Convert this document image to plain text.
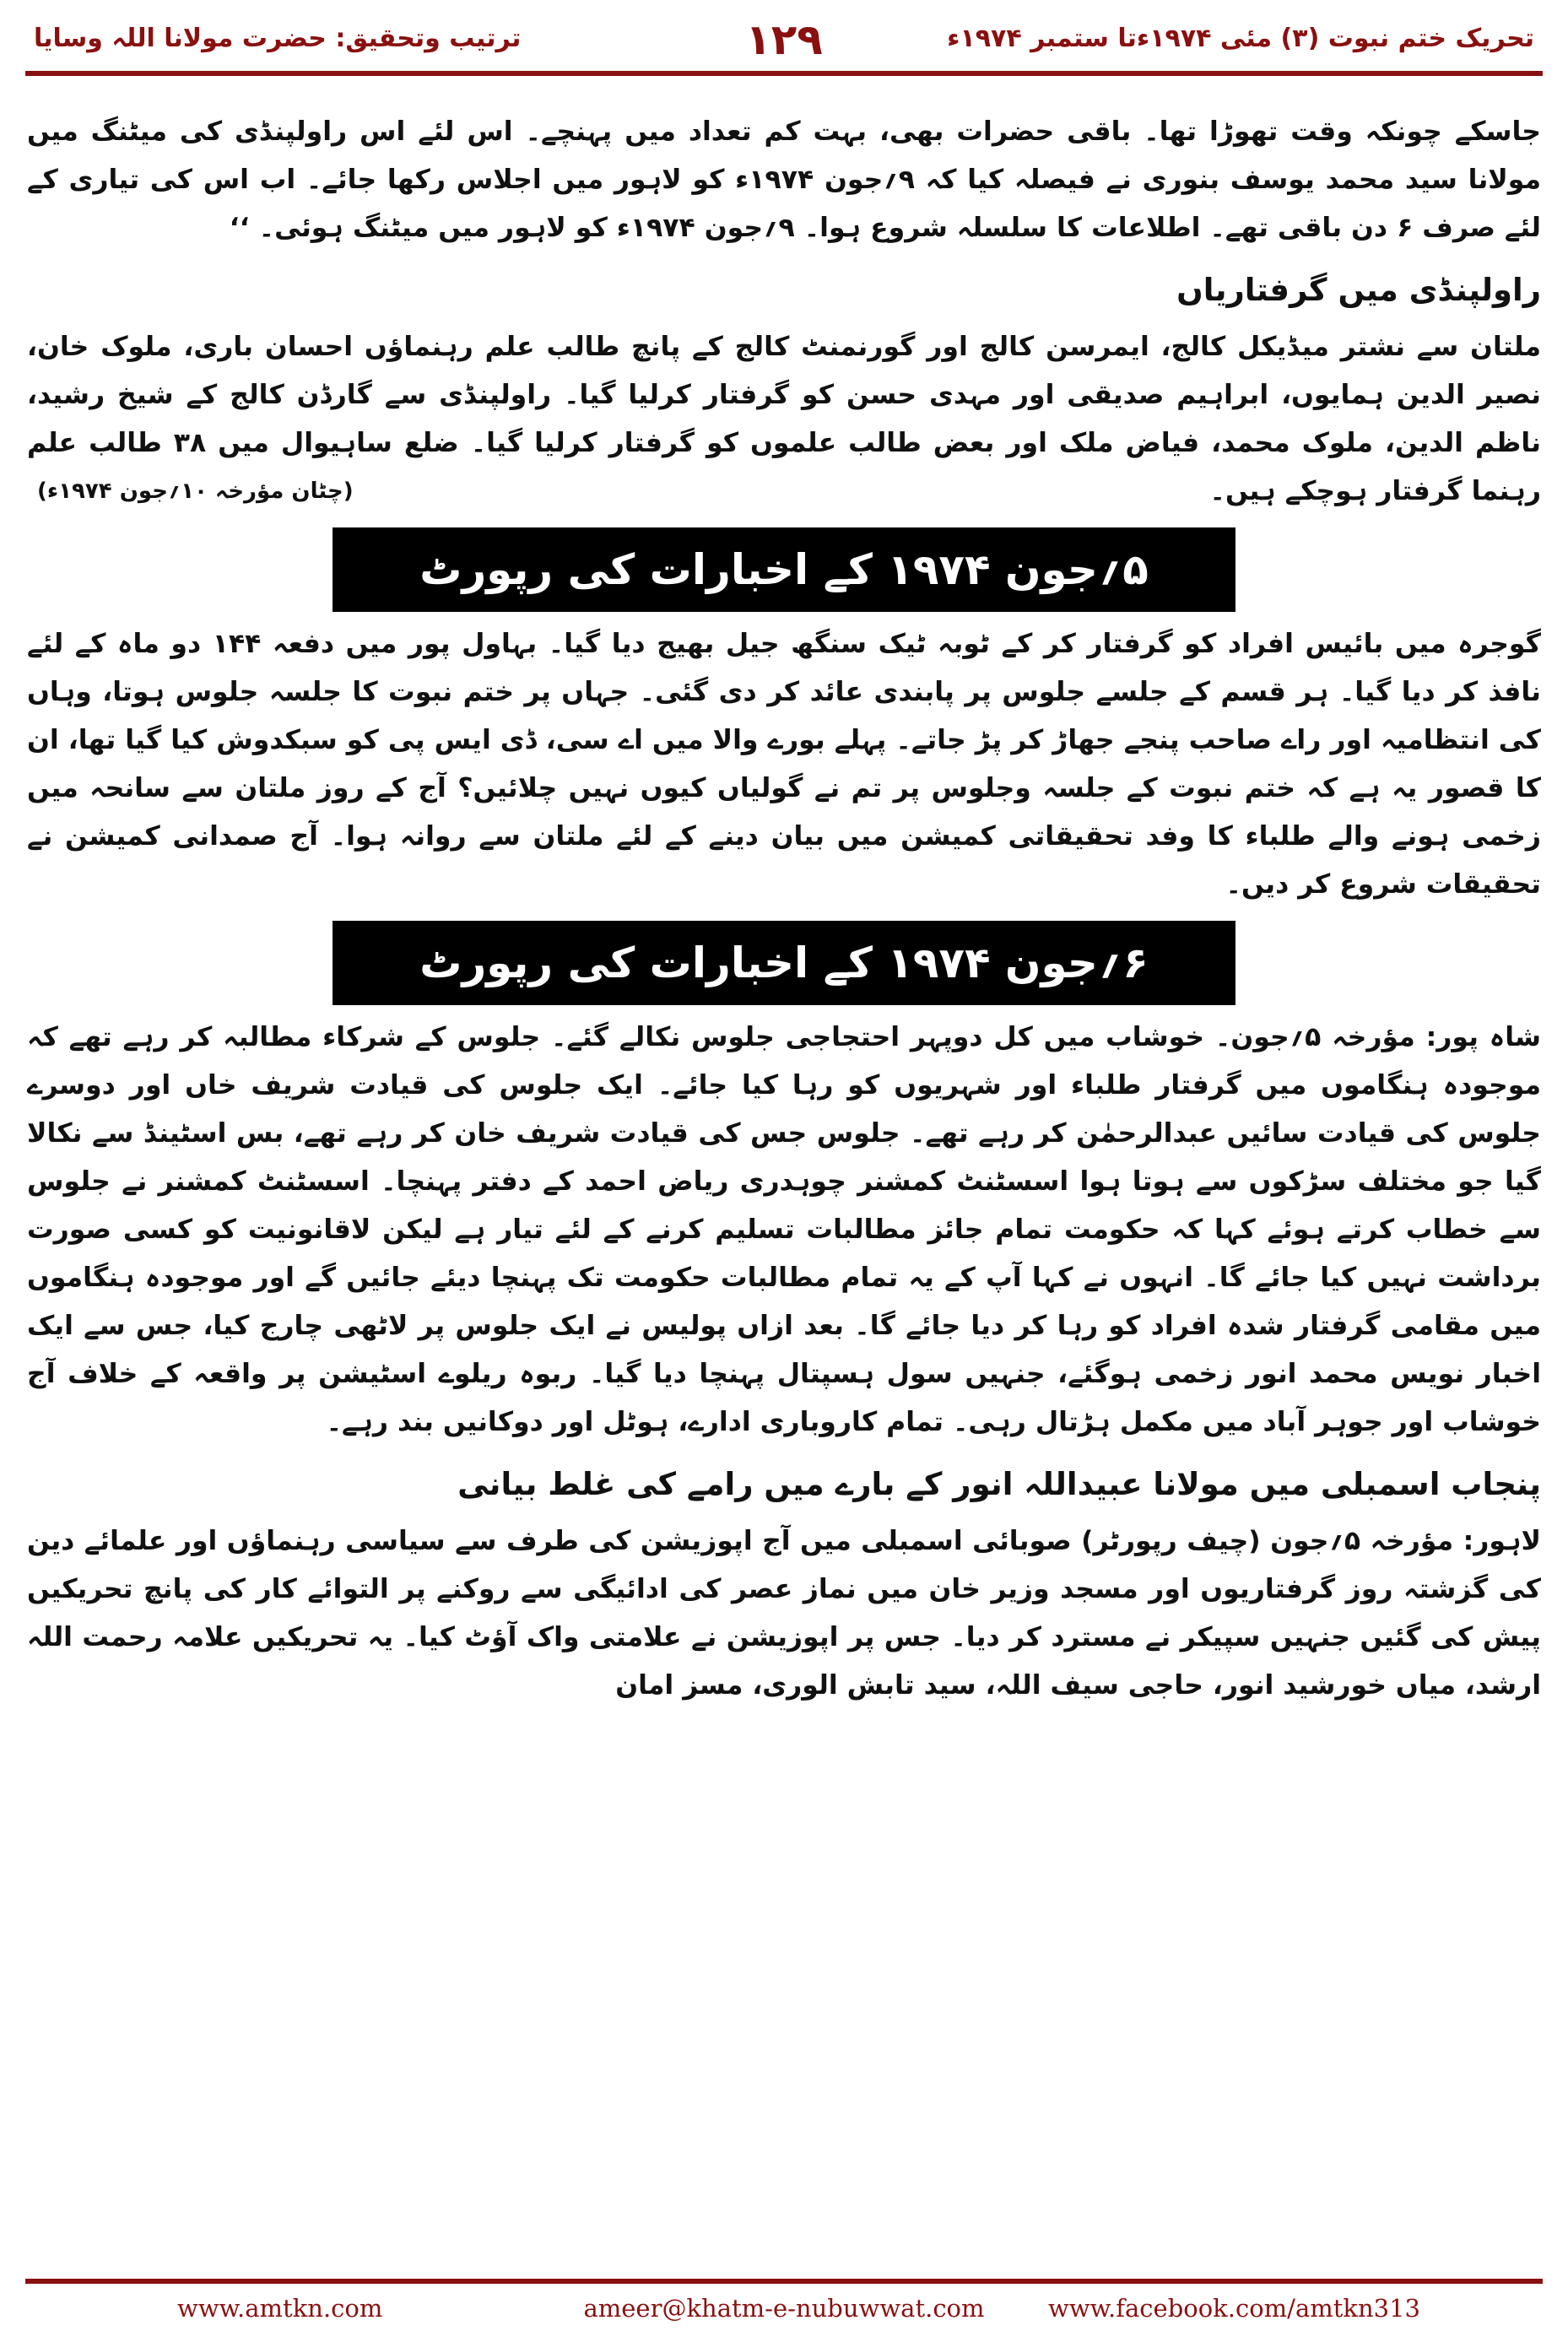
تحریک ختم نبوت (۳) مئی ۱۹۷۴ءتا ستمبر ۱۹۷۴ء
۱۲۹
ترتیب وتحقیق: حضرت مولانا اللہ وسایا

جاسکے چونکہ وقت تھوڑا تھا۔ باقی حضرات بھی، بہت کم تعداد میں پہنچے۔ اس لئے اس راولپنڈی کی میٹنگ میں مولانا سید محمد یوسف بنوری نے فیصلہ کیا کہ ۹؍جون ۱۹۷۴ء کو لاہور میں اجلاس رکھا جائے۔ اب اس کی تیاری کے لئے صرف ۶ دن باقی تھے۔ اطلاعات کا سلسلہ شروع ہوا۔ ۹؍جون ۱۹۷۴ء کو لاہور میں میٹنگ ہوئی۔ ‘‘

راولپنڈی میں گرفتاریاں

ملتان سے نشتر میڈیکل کالج، ایمرسن کالج اور گورنمنٹ کالج کے پانچ طالب علم رہنماؤں احسان باری، ملوک خان، نصیر الدین ہمایوں، ابراہیم صدیقی اور مہدی حسن کو گرفتار کرلیا گیا۔ راولپنڈی سے گارڈن کالج کے شیخ رشید، ناظم الدین، ملوک محمد، فیاض ملک اور بعض طالب علموں کو گرفتار کرلیا گیا۔ ضلع ساہیوال میں ۳۸ طالب علم رہنما گرفتار ہوچکے ہیں۔
(چٹان مؤرخہ ۱۰؍جون ۱۹۷۴ء)

۵؍جون ۱۹۷۴ کے اخبارات کی رپورٹ

گوجرہ میں بائیس افراد کو گرفتار کر کے ٹوبہ ٹیک سنگھ جیل بھیج دیا گیا۔ بہاول پور میں دفعہ ۱۴۴ دو ماہ کے لئے نافذ کر دیا گیا۔ ہر قسم کے جلسے جلوس پر پابندی عائد کر دی گئی۔ جہاں پر ختم نبوت کا جلسہ جلوس ہوتا، وہاں کی انتظامیہ اور راے صاحب پنجے جھاڑ کر پڑ جاتے۔ پہلے بورے والا میں اے سی، ڈی ایس پی کو سبکدوش کیا گیا تھا، ان کا قصور یہ ہے کہ ختم نبوت کے جلسہ وجلوس پر تم نے گولیاں کیوں نہیں چلائیں؟ آج کے روز ملتان سے سانحہ میں زخمی ہونے والے طلباء کا وفد تحقیقاتی کمیشن میں بیان دینے کے لئے ملتان سے روانہ ہوا۔ آج صمدانی کمیشن نے تحقیقات شروع کر دیں۔

۶؍جون ۱۹۷۴ کے اخبارات کی رپورٹ

شاہ پور: مؤرخہ ۵؍جون۔ خوشاب میں کل دوپہر احتجاجی جلوس نکالے گئے۔ جلوس کے شرکاء مطالبہ کر رہے تھے کہ موجودہ ہنگاموں میں گرفتار طلباء اور شہریوں کو رہا کیا جائے۔ ایک جلوس کی قیادت شریف خاں اور دوسرے جلوس کی قیادت سائیں عبدالرحمٰن کر رہے تھے۔ جلوس جس کی قیادت شریف خان کر رہے تھے، بس اسٹینڈ سے نکالا گیا جو مختلف سڑکوں سے ہوتا ہوا اسسٹنٹ کمشنر چوہدری ریاض احمد کے دفتر پہنچا۔ اسسٹنٹ کمشنر نے جلوس سے خطاب کرتے ہوئے کہا کہ حکومت تمام جائز مطالبات تسلیم کرنے کے لئے تیار ہے لیکن لاقانونیت کو کسی صورت برداشت نہیں کیا جائے گا۔ انہوں نے کہا آپ کے یہ تمام مطالبات حکومت تک پہنچا دیئے جائیں گے اور موجودہ ہنگاموں میں مقامی گرفتار شدہ افراد کو رہا کر دیا جائے گا۔ بعد ازاں پولیس نے ایک جلوس پر لاٹھی چارج کیا، جس سے ایک اخبار نویس محمد انور زخمی ہوگئے، جنہیں سول ہسپتال پہنچا دیا گیا۔ ربوہ ریلوے اسٹیشن پر واقعہ کے خلاف آج خوشاب اور جوہر آباد میں مکمل ہڑتال رہی۔ تمام کاروباری ادارے، ہوٹل اور دوکانیں بند رہے۔

پنجاب اسمبلی میں مولانا عبیداللہ انور کے بارے میں رامے کی غلط بیانی

لاہور: مؤرخہ ۵؍جون (چیف رپورٹر) صوبائی اسمبلی میں آج اپوزیشن کی طرف سے سیاسی رہنماؤں اور علمائے دین کی گزشتہ روز گرفتاریوں اور مسجد وزیر خان میں نماز عصر کی ادائیگی سے روکنے پر التوائے کار کی پانچ تحریکیں پیش کی گئیں جنہیں سپیکر نے مسترد کر دیا۔ جس پر اپوزیشن نے علامتی واک آؤٹ کیا۔ یہ تحریکیں علامہ رحمت اللہ ارشد، میاں خورشید انور، حاجی سیف اللہ، سید تابش الوری، مسز امان

www.amtkn.com	ameer@khatm-e-nubuwwat.com	www.facebook.com/amtkn313
